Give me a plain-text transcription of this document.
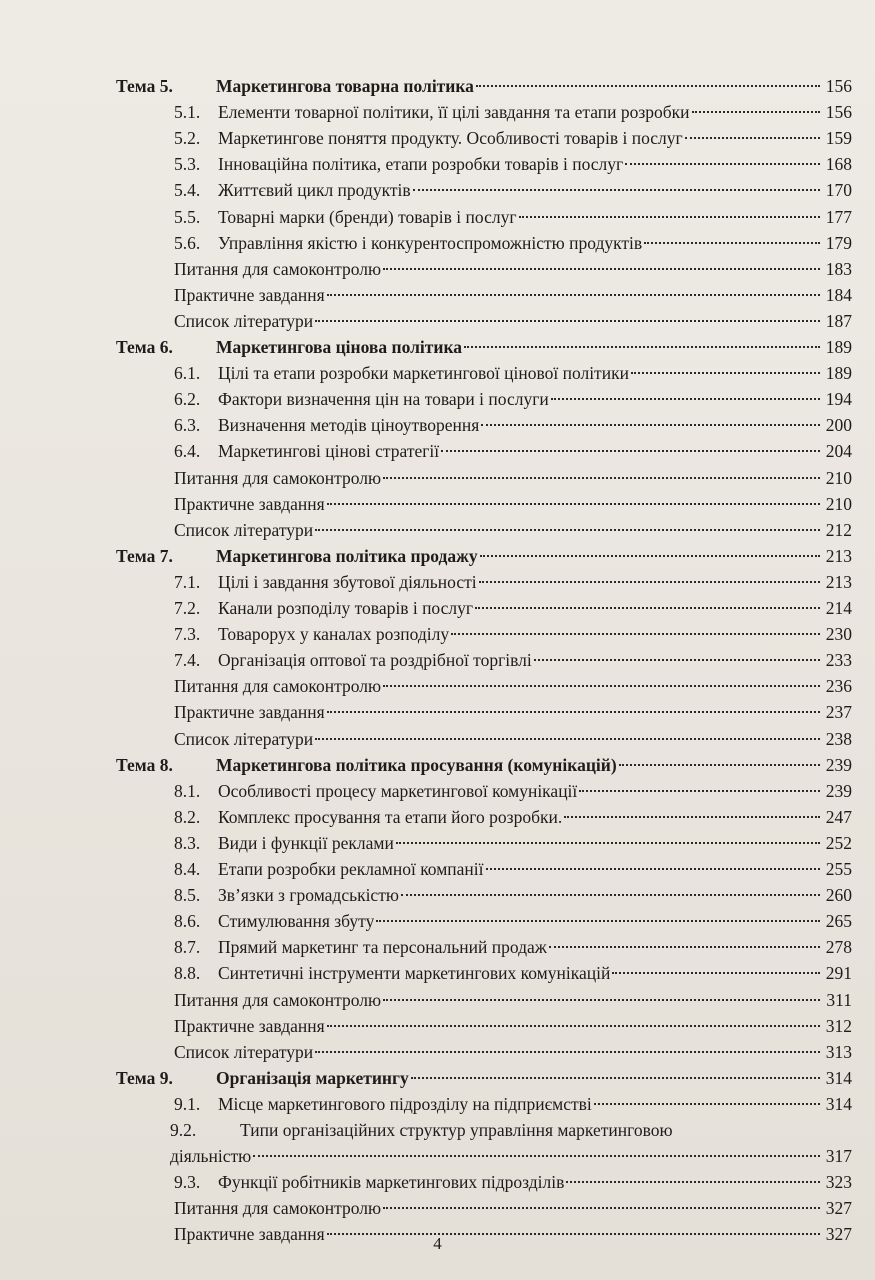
Тема 5.	Маркетингова товарна політика	156
5.1.	Елементи товарної політики, її цілі завдання та етапи розробки	156
5.2.	Маркетингове поняття продукту. Особливості товарів і послуг	159
5.3.	Інноваційна політика, етапи розробки товарів і послуг	168
5.4.	Життєвий цикл продуктів	170
5.5.	Товарні марки (бренди) товарів і послуг	177
5.6.	Управління якістю і конкурентоспроможністю продуктів	179
Питання для самоконтролю	183
Практичне завдання	184
Список літератури	187
Тема 6.	Маркетингова цінова політика	189
6.1.	Цілі та етапи розробки маркетингової цінової політики	189
6.2.	Фактори визначення цін на товари і послуги	194
6.3.	Визначення методів ціноутворення	200
6.4.	Маркетингові цінові стратегії	204
Питання для самоконтролю	210
Практичне завдання	210
Список літератури	212
Тема 7.	Маркетингова політика продажу	213
7.1.	Цілі і завдання збутової діяльності	213
7.2.	Канали розподілу товарів і послуг	214
7.3.	Товарорух у каналах розподілу	230
7.4.	Організація оптової та роздрібної торгівлі	233
Питання для самоконтролю	236
Практичне завдання	237
Список літератури	238
Тема 8.	Маркетингова політика просування (комунікацій)	239
8.1.	Особливості процесу маркетингової комунікації	239
8.2.	Комплекс просування та етапи його розробки.	247
8.3.	Види і функції реклами	252
8.4.	Етапи розробки рекламної компанії	255
8.5.	Зв’язки з громадськістю	260
8.6.	Стимулювання збуту	265
8.7.	Прямий маркетинг та персональний продаж	278
8.8.	Синтетичні інструменти маркетингових комунікацій	291
Питання для самоконтролю	311
Практичне завдання	312
Список літератури	313
Тема 9.	Організація маркетингу	314
9.1.	Місце маркетингового підрозділу на підприємстві	314
9.2.	Типи організаційних структур управління маркетинговою
діяльністю	317
9.3.	Функції робітників маркетингових підрозділів	323
Питання для самоконтролю	327
Практичне завдання	327
4
